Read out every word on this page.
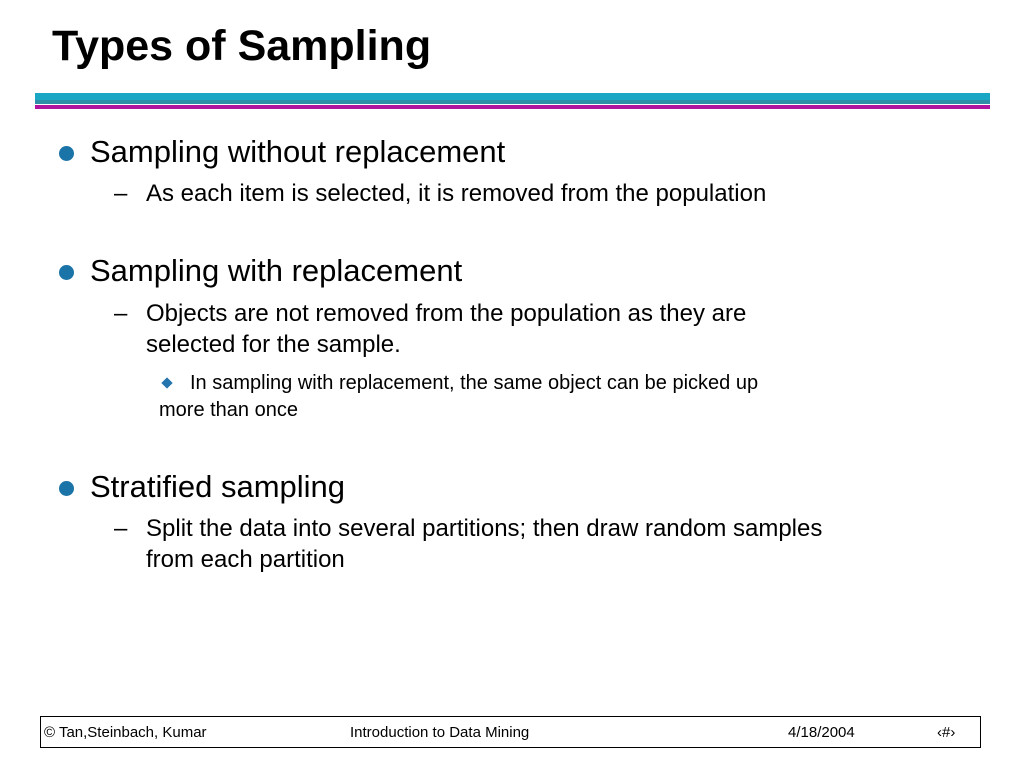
Types of Sampling
Sampling without replacement
– As each item is selected, it is removed from the population
Sampling with replacement
– Objects are not removed from the population as they are
selected for the sample.
In sampling with replacement, the same object can be picked up
more than once
Stratified sampling
– Split the data into several partitions; then draw random samples
from each partition
© Tan,Steinbach, Kumar	Introduction to Data Mining	4/18/2004	‹#›
